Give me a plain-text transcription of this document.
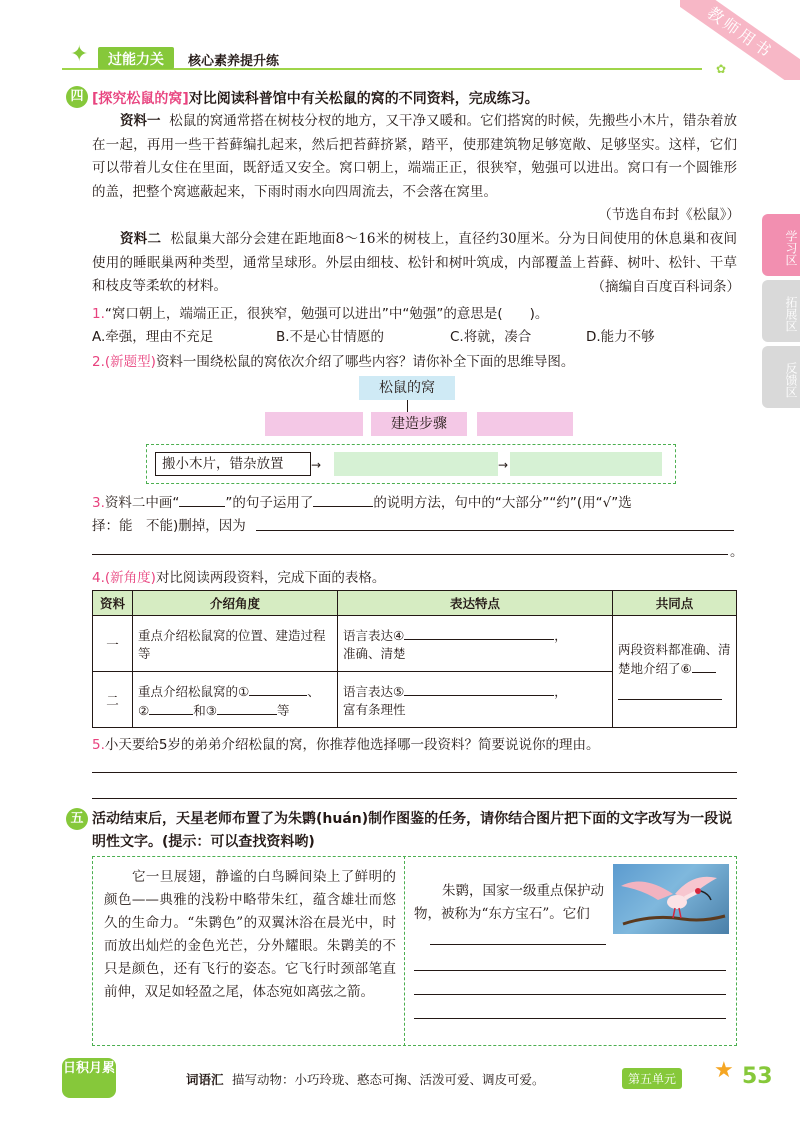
教师用书
✦	过能力关	核心素养提升练	✿
学习区
拓展区
反馈区
四 [探究松鼠的窝]对比阅读科普馆中有关松鼠的窝的不同资料，完成练习。
资料一 松鼠的窝通常搭在树枝分杈的地方，又干净又暖和。它们搭窝的时候，先搬些小木片，错杂着放在一起，再用一些干苔藓编扎起来，然后把苔藓挤紧，踏平，使那建筑物足够宽敞、足够坚实。这样，它们可以带着儿女住在里面，既舒适又安全。窝口朝上，端端正正，很狭窄，勉强可以进出。窝口有一个圆锥形的盖，把整个窝遮蔽起来，下雨时雨水向四周流去，不会落在窝里。
（节选自布封《松鼠》）
资料二 松鼠巢大部分会建在距地面8～16米的树枝上，直径约30厘米。分为日间使用的休息巢和夜间使用的睡眠巢两种类型，通常呈球形。外层由细枝、松针和树叶筑成，内部覆盖上苔藓、树叶、松针、干草和枝皮等柔软的材料。	（摘编自百度百科词条）
1.“窝口朝上，端端正正，很狭窄，勉强可以进出”中“勉强”的意思是(　　)。
A.牵强，理由不充足	B.不是心甘情愿的	C.将就，凑合	D.能力不够
2.(新题型)资料一围绕松鼠的窝依次介绍了哪些内容？请你补全下面的思维导图。
松鼠的窝
建造步骤
搬小木片，错杂放置	→	→
3.资料二中画“	”的句子运用了	的说明方法，句中的“大部分”“约”(用“√”选
择：能　不能)删掉，因为
。
4.(新角度)对比阅读两段资料，完成下面的表格。
资料	介绍角度	表达特点	共同点
一	重点介绍松鼠窝的位置、建造过程等	语言表达④ ，
准确、清楚	两段资料都准确、清楚地介绍了⑥

二	重点介绍松鼠窝的① 、
② 和③ 等	语言表达⑤ ，
富有条理性	
5.小天要给5岁的弟弟介绍松鼠的窝，你推荐他选择哪一段资料？简要说说你的理由。
五 活动结束后，天星老师布置了为朱鹮(huán)制作图鉴的任务，请你结合图片把下面的文字改写为一段说明性文字。(提示：可以查找资料哟)
它一旦展翅，静谧的白鸟瞬间染上了鲜明的颜色——典雅的浅粉中略带朱红，蕴含雄壮而悠久的生命力。“朱鹮色”的双翼沐浴在晨光中，时而放出灿烂的金色光芒，分外耀眼。朱鹮美的不只是颜色，还有飞行的姿态。它飞行时颈部笔直前伸，双足如轻盈之尾，体态宛如离弦之箭。
朱鹮，国家一级重点保护动物，被称为“东方宝石”。它们
日积月累
词语汇 描写动物：小巧玲珑、憨态可掬、活泼可爱、调皮可爱。	第五单元 ★ 53
